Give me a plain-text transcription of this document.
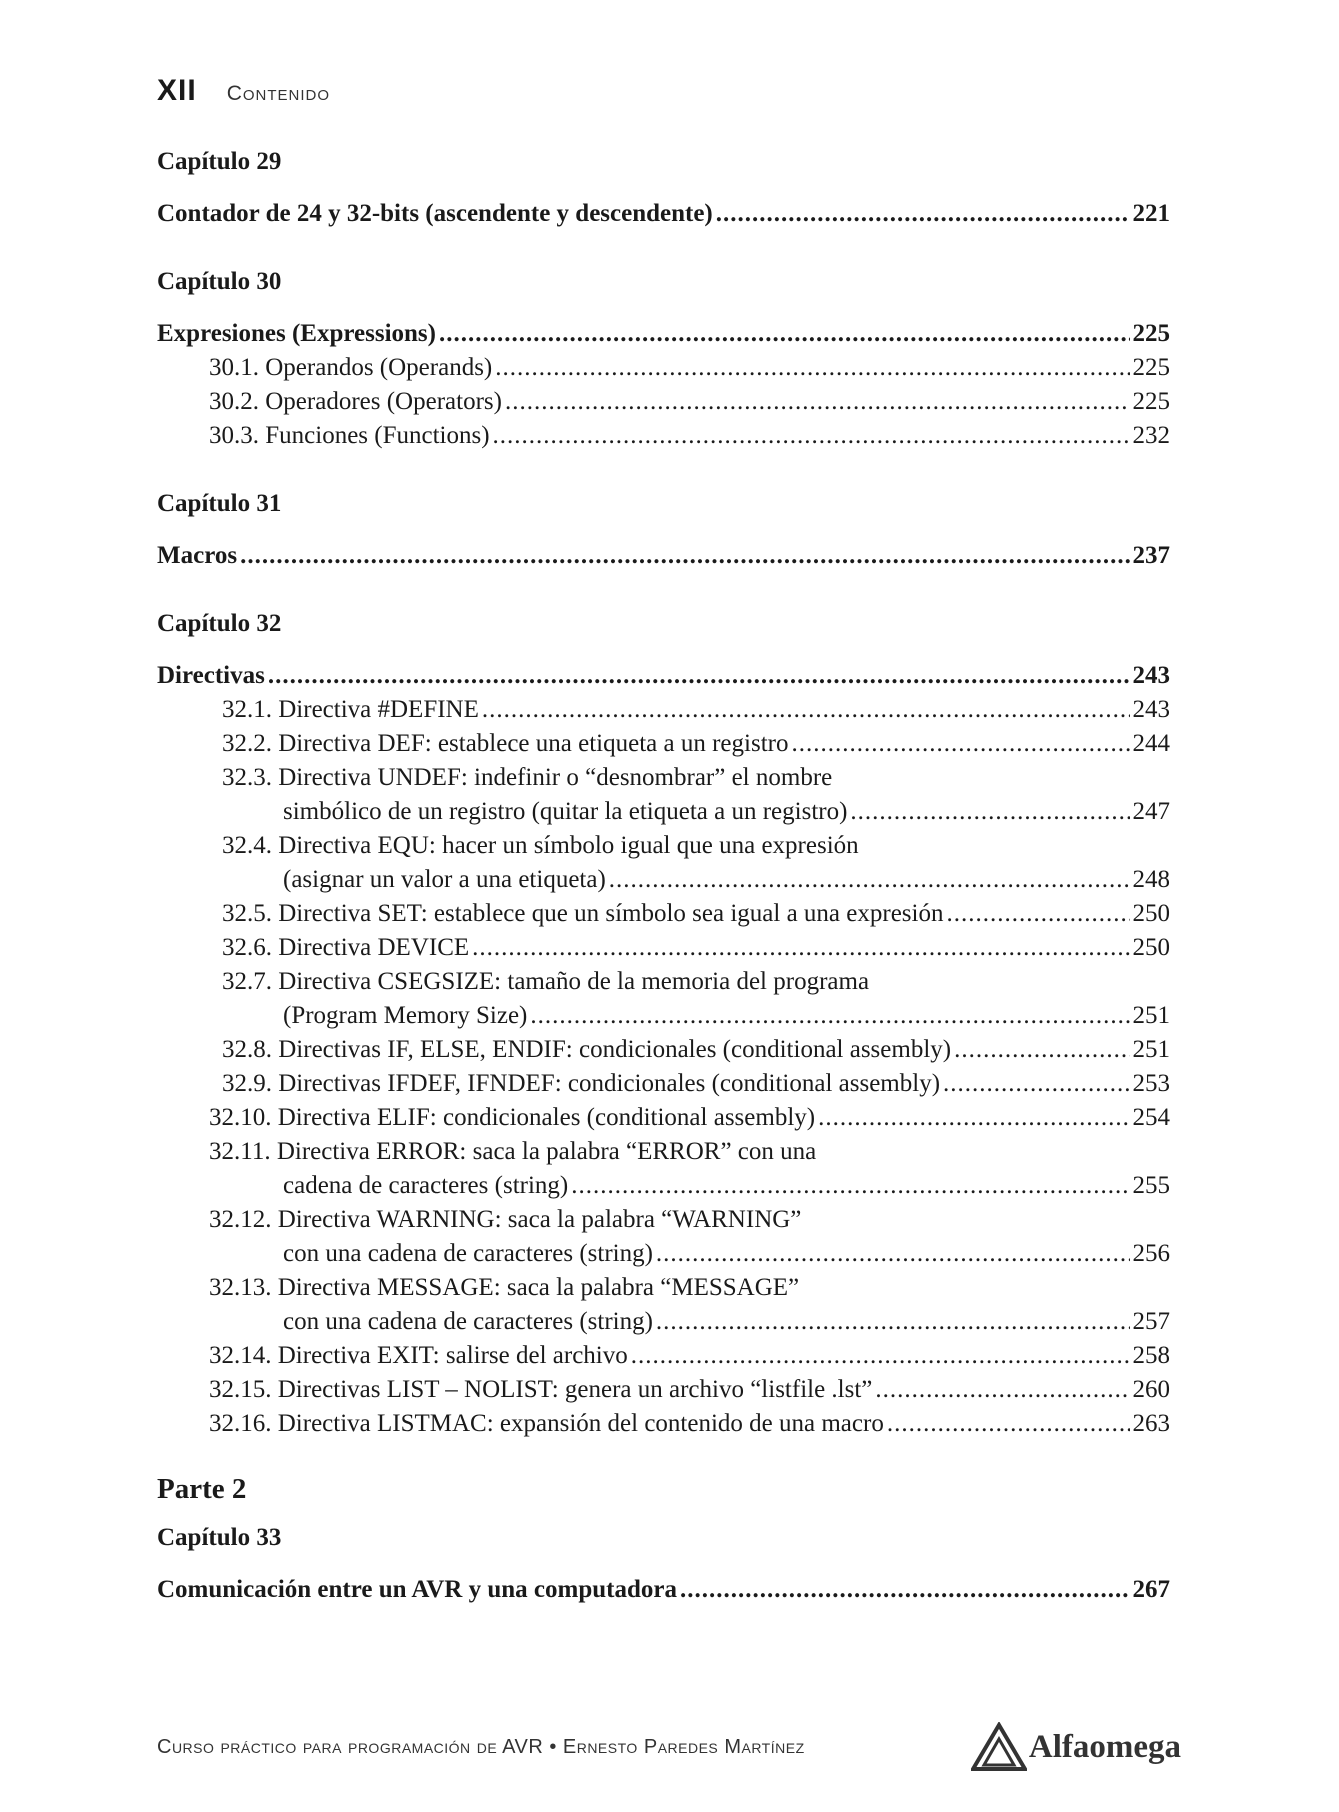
XII Contenido

Capítulo 29

Contador de 24 y 32-bits (ascendente y descendente) .....	221

Capítulo 30

Expresiones (Expressions) .....	225
30.1. Operandos (Operands) .....	225
30.2. Operadores (Operators) .....	225
30.3. Funciones (Functions) .....	232

Capítulo 31

Macros .....	237

Capítulo 32

Directivas .....	243
32.1. Directiva #DEFINE .....	243
32.2. Directiva DEF: establece una etiqueta a un registro .....	244
32.3. Directiva UNDEF: indefinir o “desnombrar” el nombre
simbólico de un registro (quitar la etiqueta a un registro) .....	247
32.4. Directiva EQU: hacer un símbolo igual que una expresión
(asignar un valor a una etiqueta) .....	248
32.5. Directiva SET: establece que un símbolo sea igual a una expresión .....	250
32.6. Directiva DEVICE .....	250
32.7. Directiva CSEGSIZE: tamaño de la memoria del programa
(Program Memory Size) .....	251
32.8. Directivas IF, ELSE, ENDIF: condicionales (conditional assembly) .....	251
32.9. Directivas IFDEF, IFNDEF: condicionales (conditional assembly) .....	253
32.10. Directiva ELIF: condicionales (conditional assembly) .....	254
32.11. Directiva ERROR: saca la palabra “ERROR” con una
cadena de caracteres (string) .....	255
32.12. Directiva WARNING: saca la palabra “WARNING”
con una cadena de caracteres (string) .....	256
32.13. Directiva MESSAGE: saca la palabra “MESSAGE”
con una cadena de caracteres (string) .....	257
32.14. Directiva EXIT: salirse del archivo .....	258
32.15. Directivas LIST – NOLIST: genera un archivo “listfile .lst” .....	260
32.16. Directiva LISTMAC: expansión del contenido de una macro .....	263

Parte 2

Capítulo 33

Comunicación entre un AVR y una computadora .....	267
Curso práctico para programación de AVR • Ernesto Paredes Martínez	Alfaomega
